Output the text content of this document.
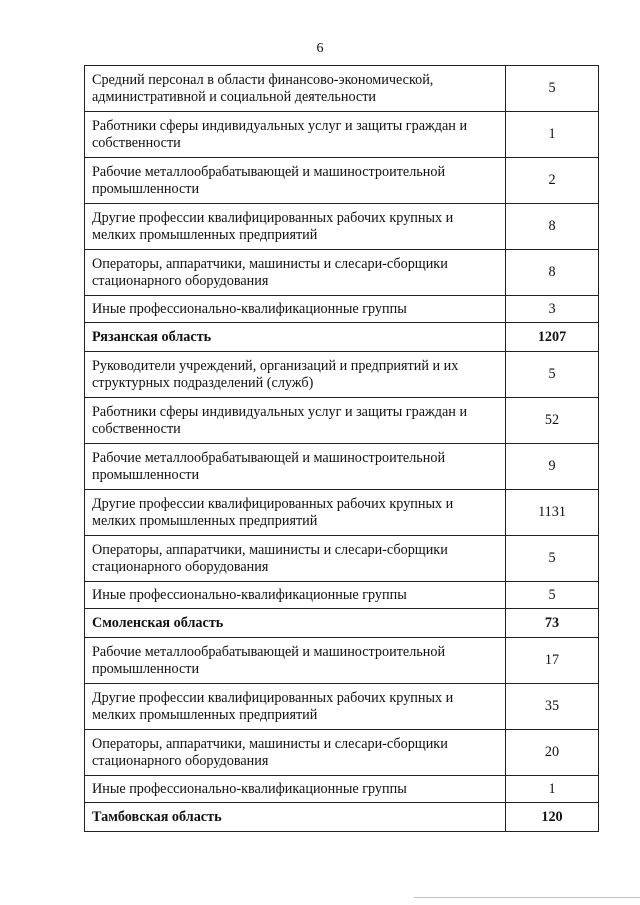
6
Средний персонал в области финансово-экономической, административной и социальной деятельности	5
Работники сферы индивидуальных услуг и защиты граждан и собственности	1
Рабочие металлообрабатывающей и машиностроительной промышленности	2
Другие профессии квалифицированных рабочих крупных и мелких промышленных предприятий	8
Операторы, аппаратчики, машинисты и слесари-сборщики стационарного оборудования	8
Иные профессионально-квалификационные группы	3
Рязанская область	1207
Руководители учреждений, организаций и предприятий и их структурных подразделений (служб)	5
Работники сферы индивидуальных услуг и защиты граждан и собственности	52
Рабочие металлообрабатывающей и машиностроительной промышленности	9
Другие профессии квалифицированных рабочих крупных и мелких промышленных предприятий	1131
Операторы, аппаратчики, машинисты и слесари-сборщики стационарного оборудования	5
Иные профессионально-квалификационные группы	5
Смоленская область	73
Рабочие металлообрабатывающей и машиностроительной промышленности	17
Другие профессии квалифицированных рабочих крупных и мелких промышленных предприятий	35
Операторы, аппаратчики, машинисты и слесари-сборщики стационарного оборудования	20
Иные профессионально-квалификационные группы	1
Тамбовская область	120
